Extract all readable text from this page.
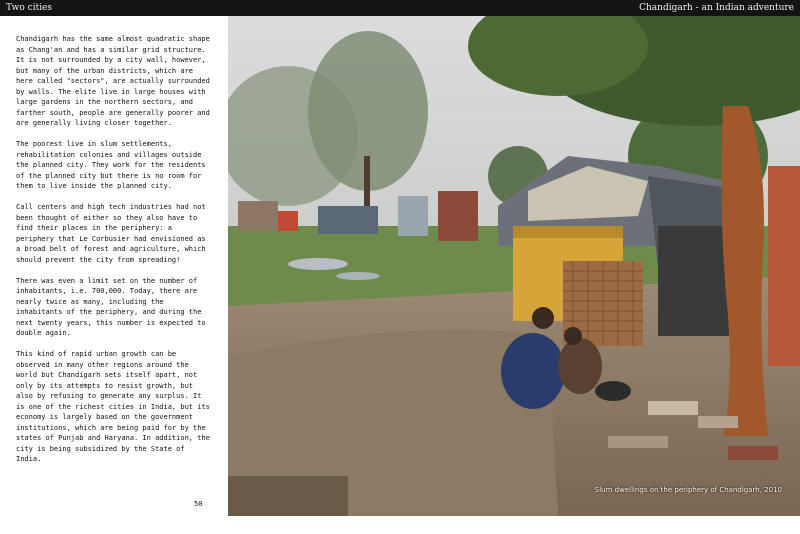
Two cities	Chandigarh - an Indian adventure

Chandigarh has the same almost quadratic shape as Chang'an and has a similar grid structure. It is not surrounded by a city wall, however, but many of the urban districts, which are here called "sectors", are actually surrounded by walls. The elite live in large houses with large gardens in the northern sectors, and farther south, people are generally poorer and are generally living closer together.

The poorest live in slum settlements, rehabilitation colonies and villages outside the planned city. They work for the residents of the planned city but there is no room for them to live inside the planned city.

Call centers and high tech industries had not been thought of either so they also have to find their places in the periphery: a periphery that Le Corbusier had envisioned as a broad belt of forest and agriculture, which should prevent the city from spreading!

There was even a limit set on the number of inhabitants, i.e. 700,000. Today, there are nearly twice as many, including the inhabitants of the periphery, and during the next twenty years, this number is expected to double again.

This kind of rapid urban growth can be observed in many other regions around the world but Chandigarh sets itself apart, not only by its attempts to resist growth, but also by refusing to generate any surplus. It is one of the richest cities in India, but its economy is largely based on the government institutions, which are being paid for by the states of Punjab and Haryana. In addition, the city is being subsidized by the State of India.

50
Slum dwellings on the periphery of Chandigarh, 2010
